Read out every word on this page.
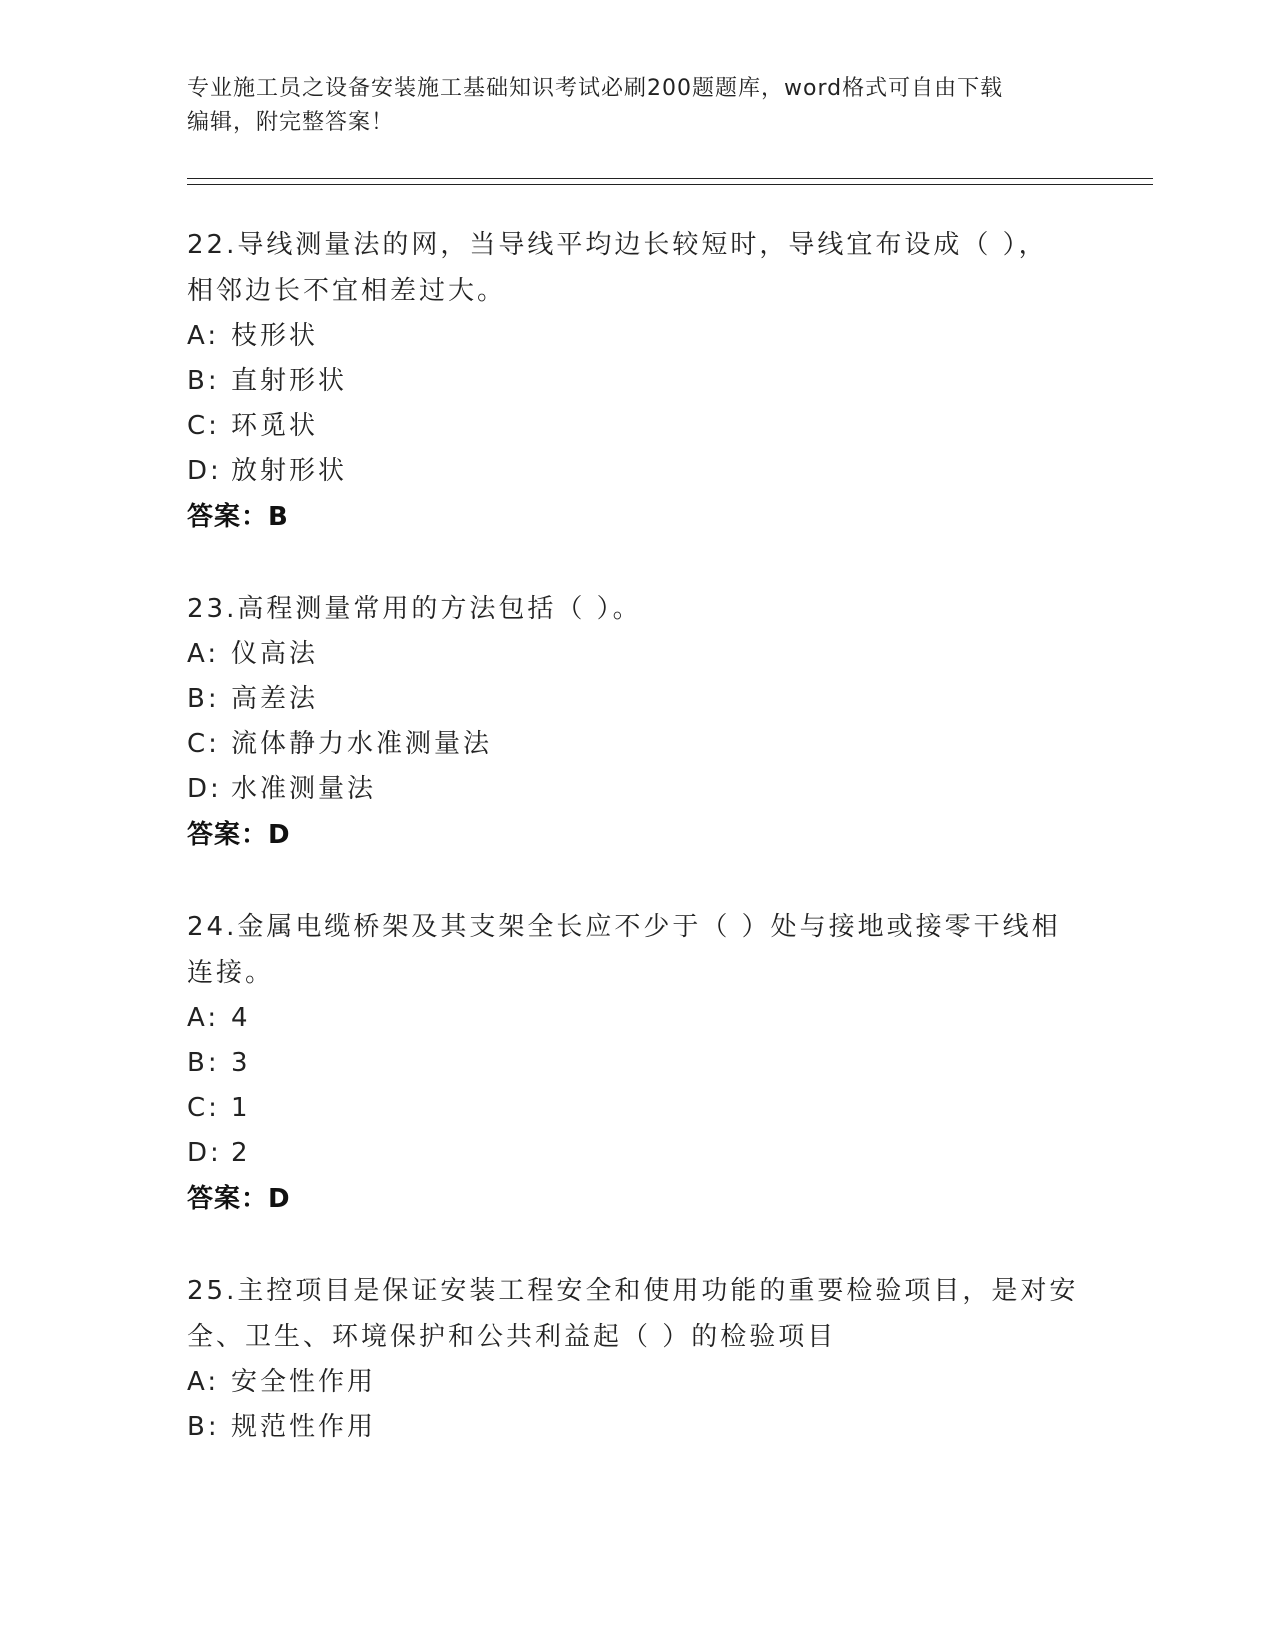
专业施工员之设备安装施工基础知识考试必刷200题题库，word格式可自由下载
编辑，附完整答案！
22.导线测量法的网，当导线平均边长较短时，导线宜布设成（ ），
相邻边长不宜相差过大。
A: 枝形状
B: 直射形状
C: 环觅状
D: 放射形状
答案：B
23.高程测量常用的方法包括（ ）。
A: 仪高法
B: 高差法
C: 流体静力水准测量法
D: 水准测量法
答案：D
24.金属电缆桥架及其支架全长应不少于（ ）处与接地或接零干线相
连接。
A: 4
B: 3
C: 1
D: 2
答案：D
25.主控项目是保证安装工程安全和使用功能的重要检验项目，是对安
全、卫生、环境保护和公共利益起（ ）的检验项目
A: 安全性作用
B: 规范性作用
